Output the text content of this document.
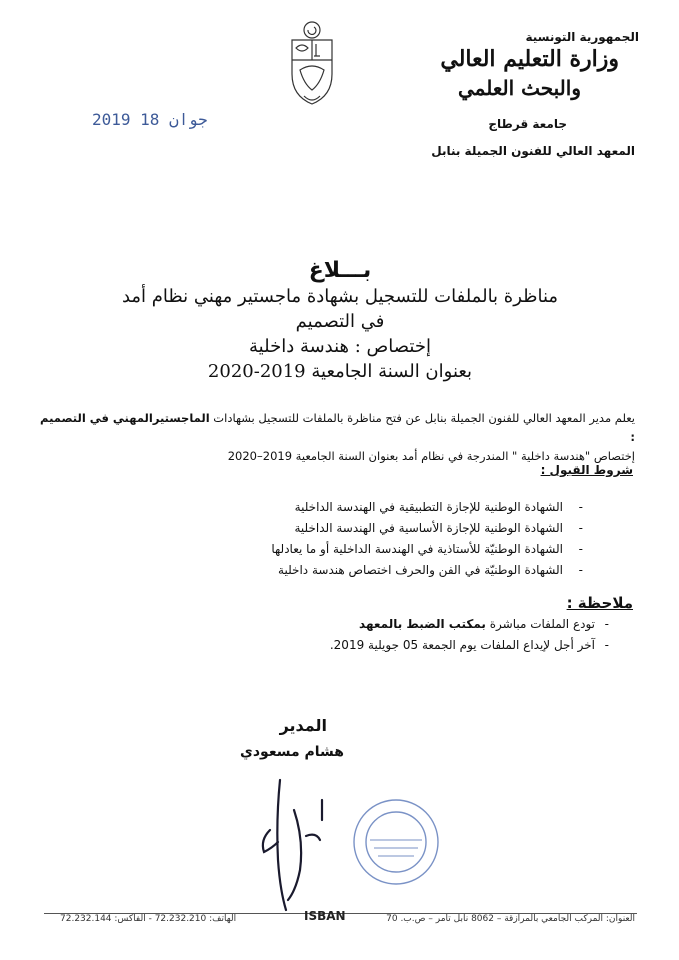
الجمهورية التونسية
وزارة التعليم العالي
والبحث العلمي
جامعة قرطاج
المعهد العالي للفنون الجميلة بنابل
2019 جوان 18
بـــلاغ
مناظرة بالملفات للتسجيل بشهادة ماجستير مهني نظام أمد
في التصميم
إختصاص : هندسة داخلية
بعنوان السنة الجامعية 2019-2020
يعلم مدير المعهد العالي للفنون الجميلة بنابل عن فتح مناظرة بالملفات للتسجيل بشهادات الماجستيرالمهني في التصميم :
إختصاص "هندسة داخلية " المندرجة في نظام أمد بعنوان السنة الجامعية 2019–2020
شروط القبول :
- الشهادة الوطنية للإجازة التطبيقية في الهندسة الداخلية
- الشهادة الوطنية للإجازة الأساسية في الهندسة الداخلية
- الشهادة الوطنيّة للأستاذية في الهندسة الداخلية أو ما يعادلها
- الشهادة الوطنيّة في الفن والحرف اختصاص هندسة داخلية
ملاحظة :
- تودع الملفات مباشرة بمكتب الضبط بالمعهد
- آخر أجل لإيداع الملفات يوم الجمعة 05 جويلية 2019.
المدير
هشام مسعودي
العنوان: المركب الجامعي بالمرازقة – 8062 نابل تامر – ص.ب. 70
الهاتف: 72.232.210 - الفاكس: 72.232.144	ISBAN
